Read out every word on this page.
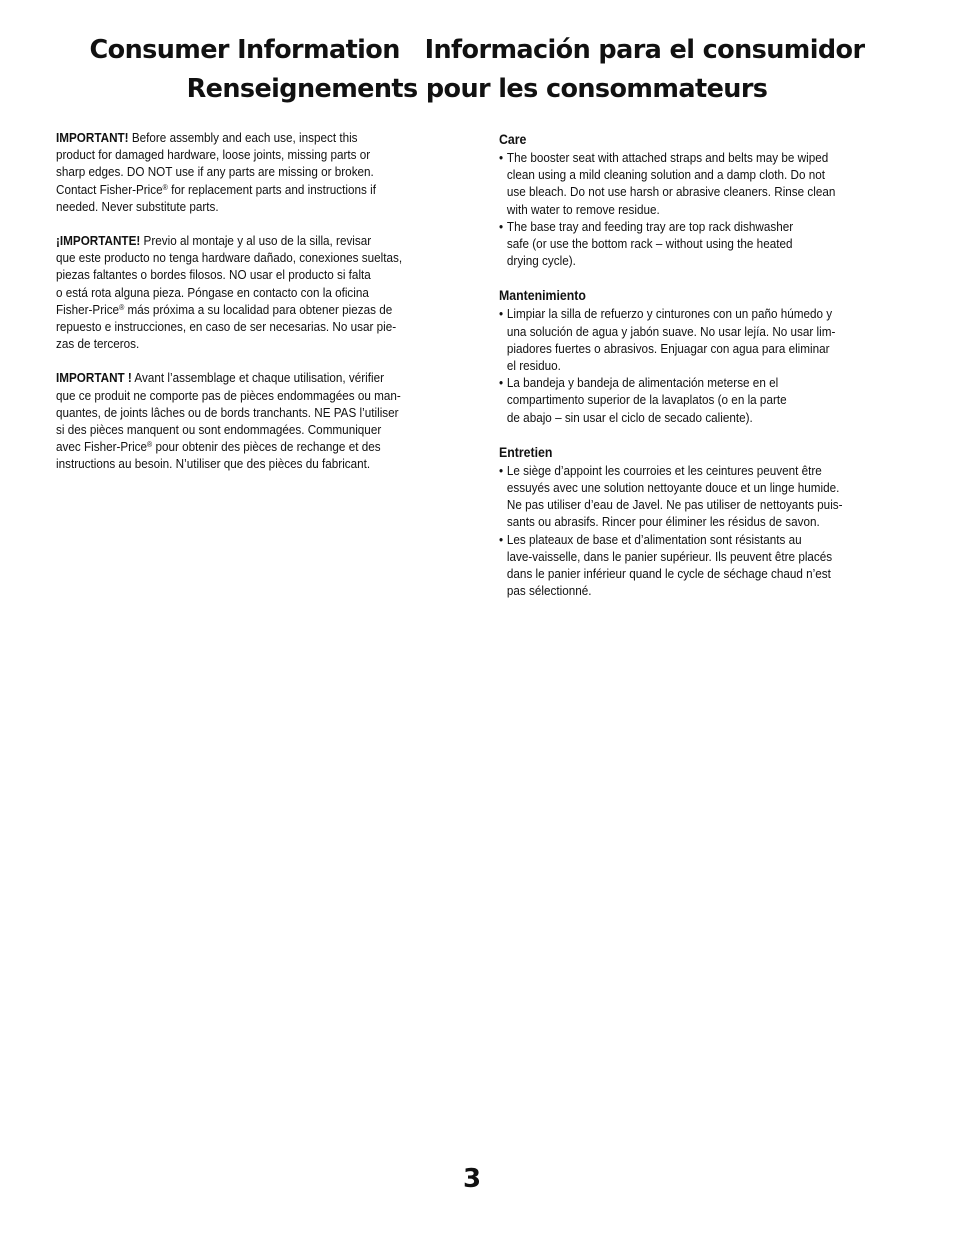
Consumer Information   Información para el consumidor
Renseignements pour les consommateurs
IMPORTANT! Before assembly and each use, inspect this
product for damaged hardware, loose joints, missing parts or
sharp edges. DO NOT use if any parts are missing or broken.
Contact Fisher-Price® for replacement parts and instructions if
needed. Never substitute parts.
¡IMPORTANTE! Previo al montaje y al uso de la silla, revisar
que este producto no tenga hardware dañado, conexiones sueltas,
piezas faltantes o bordes filosos. NO usar el producto si falta
o está rota alguna pieza. Póngase en contacto con la oficina
Fisher-Price® más próxima a su localidad para obtener piezas de
repuesto e instrucciones, en caso de ser necesarias. No usar pie-
zas de terceros.
IMPORTANT ! Avant l’assemblage et chaque utilisation, vérifier
que ce produit ne comporte pas de pièces endommagées ou man-
quantes, de joints lâches ou de bords tranchants. NE PAS l’utiliser
si des pièces manquent ou sont endommagées. Communiquer
avec Fisher-Price® pour obtenir des pièces de rechange et des
instructions au besoin. N’utiliser que des pièces du fabricant.

Care

• The booster seat with attached straps and belts may be wiped
clean using a mild cleaning solution and a damp cloth. Do not
use bleach. Do not use harsh or abrasive cleaners. Rinse clean
with water to remove residue.
• The base tray and feeding tray are top rack dishwasher
safe (or use the bottom rack – without using the heated
drying cycle).

Mantenimiento

• Limpiar la silla de refuerzo y cinturones con un paño húmedo y
una solución de agua y jabón suave. No usar lejía. No usar lim-
piadores fuertes o abrasivos. Enjuagar con agua para eliminar
el residuo.
• La bandeja y bandeja de alimentación meterse en el
compartimento superior de la lavaplatos (o en la parte
de abajo – sin usar el ciclo de secado caliente).

Entretien

• Le siège d’appoint les courroies et les ceintures peuvent être
essuyés avec une solution nettoyante douce et un linge humide.
Ne pas utiliser d’eau de Javel. Ne pas utiliser de nettoyants puis-
sants ou abrasifs. Rincer pour éliminer les résidus de savon.
• Les plateaux de base et d’alimentation sont résistants au
lave-vaisselle, dans le panier supérieur. Ils peuvent être placés
dans le panier inférieur quand le cycle de séchage chaud n’est
pas sélectionné.
3
